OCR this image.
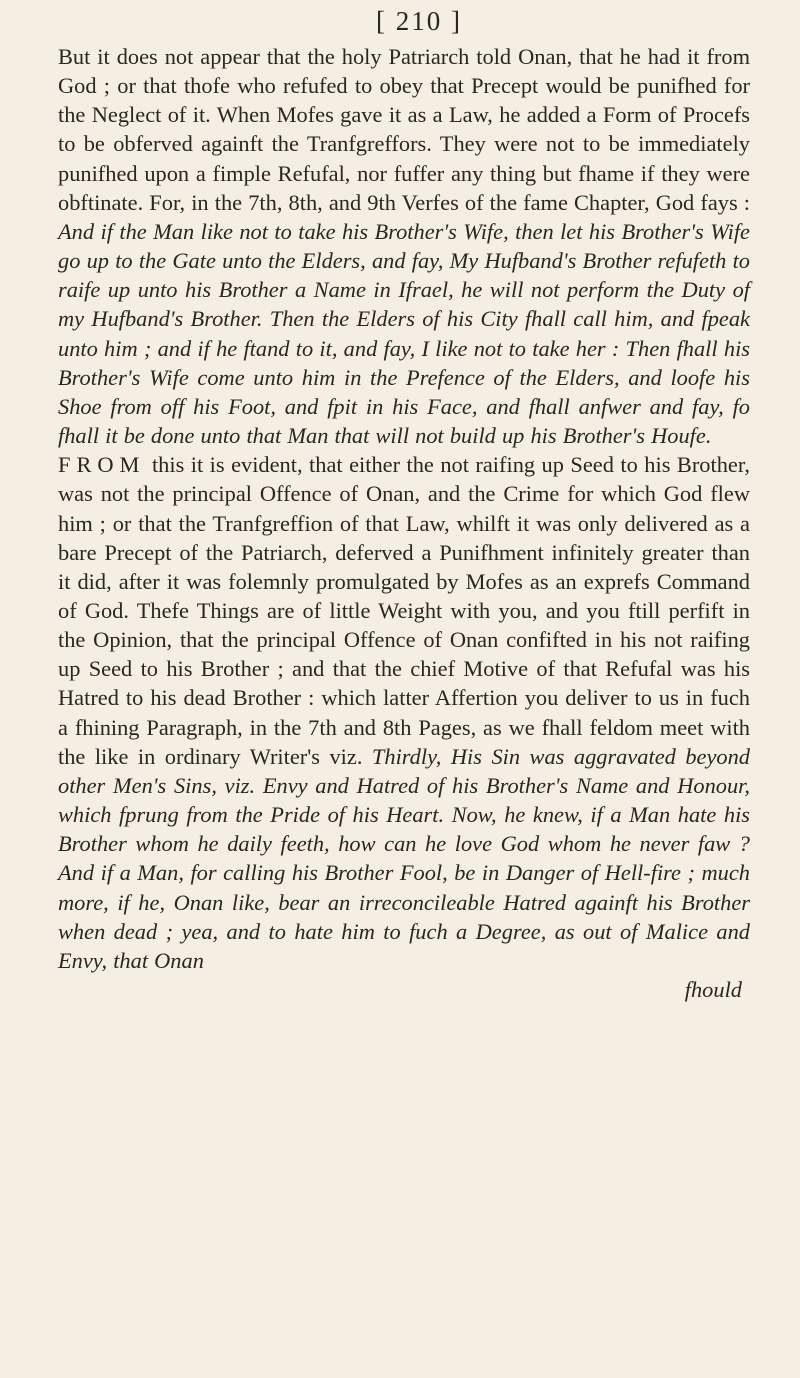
[ 210 ]

But it does not appear that the holy Patriarch told Onan, that he had it from God ; or that thofe who refufed to obey that Precept would be punifhed for the Neglect of it. When Mofes gave it as a Law, he added a Form of Procefs to be obferved againft the Tranfgreffors. They were not to be immediately punifhed upon a fimple Refufal, nor fuffer any thing but fhame if they were obftinate. For, in the 7th, 8th, and 9th Verfes of the fame Chapter, God fays : And if the Man like not to take his Brother's Wife, then let his Brother's Wife go up to the Gate unto the Elders, and fay, My Hufband's Brother refufeth to raife up unto his Brother a Name in Ifrael, he will not perform the Duty of my Hufband's Brother. Then the Elders of his City fhall call him, and fpeak unto him ; and if he ftand to it, and fay, I like not to take her : Then fhall his Brother's Wife come unto him in the Prefence of the Elders, and loofe his Shoe from off his Foot, and fpit in his Face, and fhall anfwer and fay, fo fhall it be done unto that Man that will not build up his Brother's Houfe.

FROM this it is evident, that either the not raifing up Seed to his Brother, was not the principal Offence of Onan, and the Crime for which God flew him ; or that the Tranfgreffion of that Law, whilft it was only delivered as a bare Precept of the Patriarch, deferved a Punifhment infinitely greater than it did, after it was folemnly promulgated by Mofes as an exprefs Command of God. Thefe Things are of little Weight with you, and you ftill perfift in the Opinion, that the principal Offence of Onan confifted in his not raifing up Seed to his Brother ; and that the chief Motive of that Refufal was his Hatred to his dead Brother : which latter Affertion you deliver to us in fuch a fhining Paragraph, in the 7th and 8th Pages, as we fhall feldom meet with the like in ordinary Writer's viz. Thirdly, His Sin was aggravated beyond other Men's Sins, viz. Envy and Hatred of his Brother's Name and Honour, which fprung from the Pride of his Heart. Now, he knew, if a Man hate his Brother whom he daily feeth, how can he love God whom he never faw ? And if a Man, for calling his Brother Fool, be in Danger of Hell-fire ; much more, if he, Onan like, bear an irreconcileable Hatred againft his Brother when dead ; yea, and to hate him to fuch a Degree, as out of Malice and Envy, that Onan

fhould
